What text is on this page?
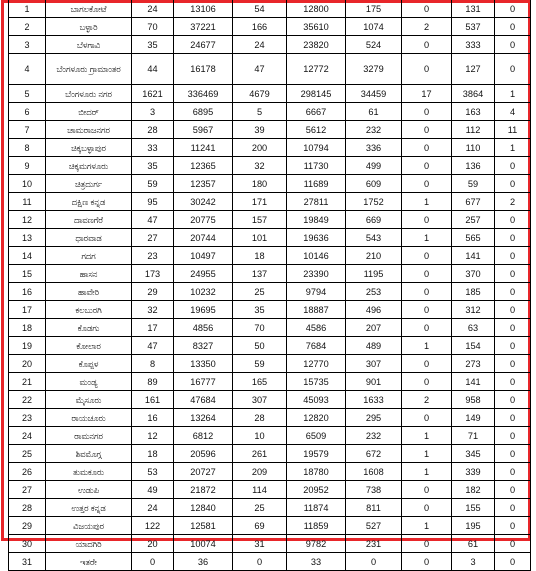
1	ಬಾಗಲಕೋಟೆ	24	13106	54	12800	175	0	131	0
2	ಬಳ್ಳಾರಿ	70	37221	166	35610	1074	2	537	0
3	ಬೆಳಗಾವಿ	35	24677	24	23820	524	0	333	0
4	ಬೆಂಗಳೂರು ಗ್ರಾಮಾಂತರ	44	16178	47	12772	3279	0	127	0
5	ಬೆಂಗಳೂರು ನಗರ	1621	336469	4679	298145	34459	17	3864	1
6	ಬೀದರ್	3	6895	5	6667	61	0	163	4
7	ಚಾಮರಾಜನಗರ	28	5967	39	5612	232	0	112	11
8	ಚಿಕ್ಕಬಳ್ಳಾಪುರ	33	11241	200	10794	336	0	110	1
9	ಚಿಕ್ಕಮಗಳೂರು	35	12365	32	11730	499	0	136	0
10	ಚಿತ್ರದುರ್ಗ	59	12357	180	11689	609	0	59	0
11	ದಕ್ಷಿಣ ಕನ್ನಡ	95	30242	171	27811	1752	1	677	2
12	ದಾವಣಗೆರೆ	47	20775	157	19849	669	0	257	0
13	ಧಾರವಾಡ	27	20744	101	19636	543	1	565	0
14	ಗದಗ	23	10497	18	10146	210	0	141	0
15	ಹಾಸನ	173	24955	137	23390	1195	0	370	0
16	ಹಾವೇರಿ	29	10232	25	9794	253	0	185	0
17	ಕಲಬುರಗಿ	32	19695	35	18887	496	0	312	0
18	ಕೊಡಗು	17	4856	70	4586	207	0	63	0
19	ಕೋಲಾರ	47	8327	50	7684	489	1	154	0
20	ಕೊಪ್ಪಳ	8	13350	59	12770	307	0	273	0
21	ಮಂಡ್ಯ	89	16777	165	15735	901	0	141	0
22	ಮೈಸೂರು	161	47684	307	45093	1633	2	958	0
23	ರಾಯಚೂರು	16	13264	28	12820	295	0	149	0
24	ರಾಮನಗರ	12	6812	10	6509	232	1	71	0
25	ಶಿವಮೊಗ್ಗ	18	20596	261	19579	672	1	345	0
26	ತುಮಕೂರು	53	20727	209	18780	1608	1	339	0
27	ಉಡುಪಿ	49	21872	114	20952	738	0	182	0
28	ಉತ್ತರ ಕನ್ನಡ	24	12840	25	11874	811	0	155	0
29	ವಿಜಯಪುರ	122	12581	69	11859	527	1	195	0
30	ಯಾದಗಿರಿ	20	10074	31	9782	231	0	61	0
31	ಇತರೇ	0	36	0	33	0	0	3	0
